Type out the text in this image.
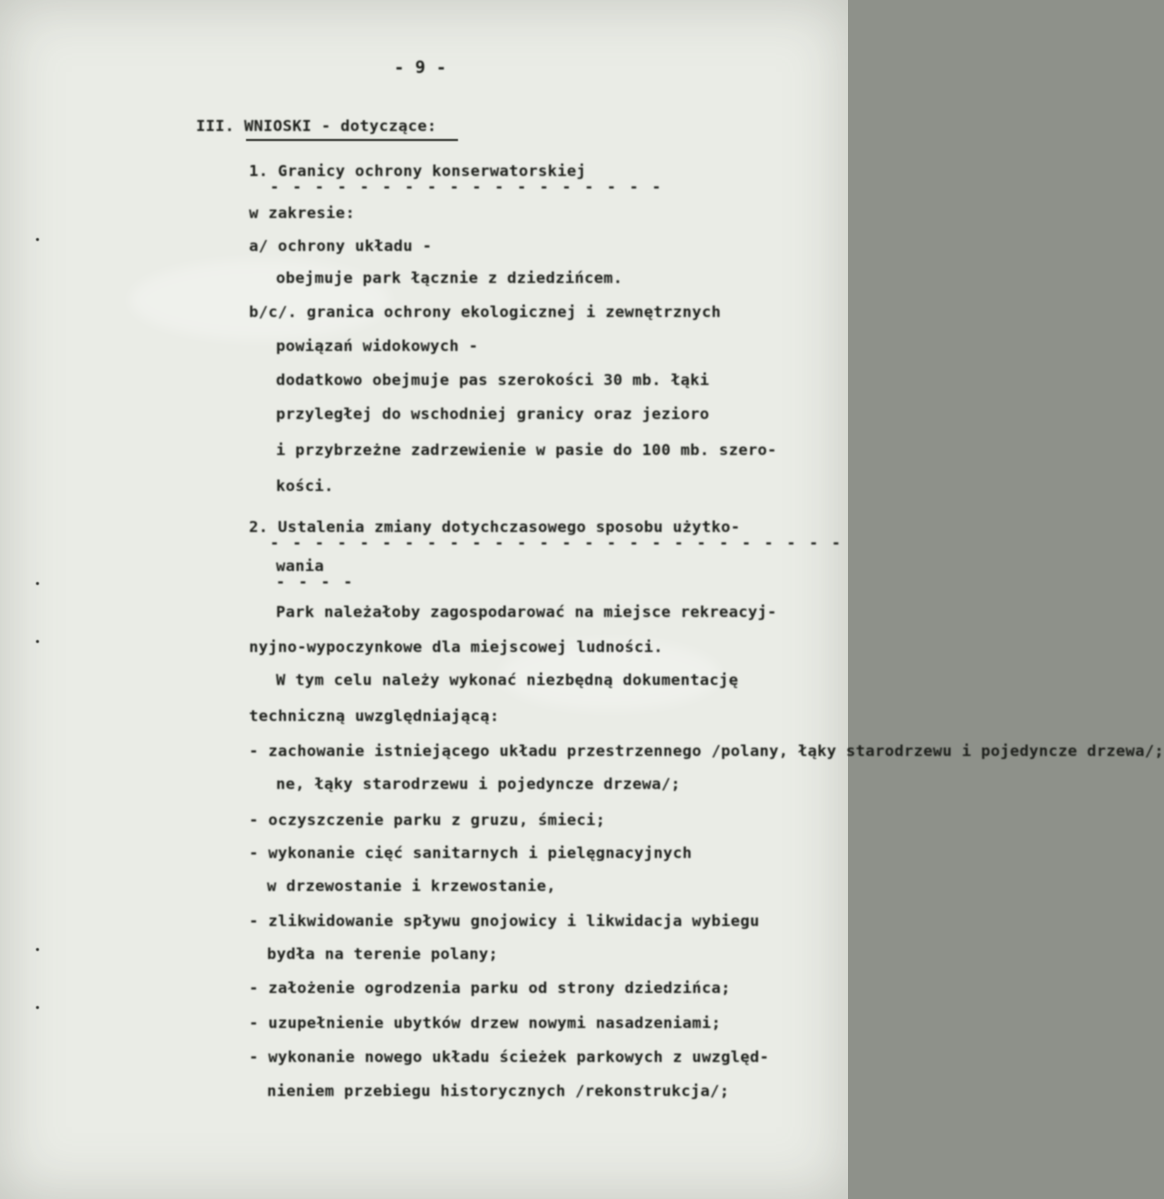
- 9 -
III. WNIOSKI - dotyczące:
1. Granicy ochrony konserwatorskiej
- - - - - - - - - - - - - - - - - -
w zakresie:
a/ ochrony układu -
obejmuje park łącznie z dziedzińcem.
b/c/. granica ochrony ekologicznej i zewnętrznych
powiązań widokowych -
dodatkowo obejmuje pas szerokości 30 mb. łąki
przyległej do wschodniej granicy oraz jezioro
i przybrzeżne zadrzewienie w pasie do 100 mb. szero-
kości.
2. Ustalenia zmiany dotychczasowego sposobu użytko-
- - - - - - - - - - - - - - - - - - - - - - - - - -
wania
- - - -
Park należałoby zagospodarować na miejsce rekreacyj-
nyjno-wypoczynkowe dla miejscowej ludności.
W tym celu należy wykonać niezbędną dokumentację
techniczną uwzględniającą:
- zachowanie istniejącego układu przestrzennego /polany, łąky starodrzewu i pojedyncze drzewa/;
ne, łąky starodrzewu i pojedyncze drzewa/;
- oczyszczenie parku z gruzu, śmieci;
- wykonanie cięć sanitarnych i pielęgnacyjnych
w drzewostanie i krzewostanie,
- zlikwidowanie spływu gnojowicy i likwidacja wybiegu
bydła na terenie polany;
- założenie ogrodzenia parku od strony dziedzińca;
- uzupełnienie ubytków drzew nowymi nasadzeniami;
- wykonanie nowego układu ścieżek parkowych z uwzględ-
nieniem przebiegu historycznych /rekonstrukcja/;
